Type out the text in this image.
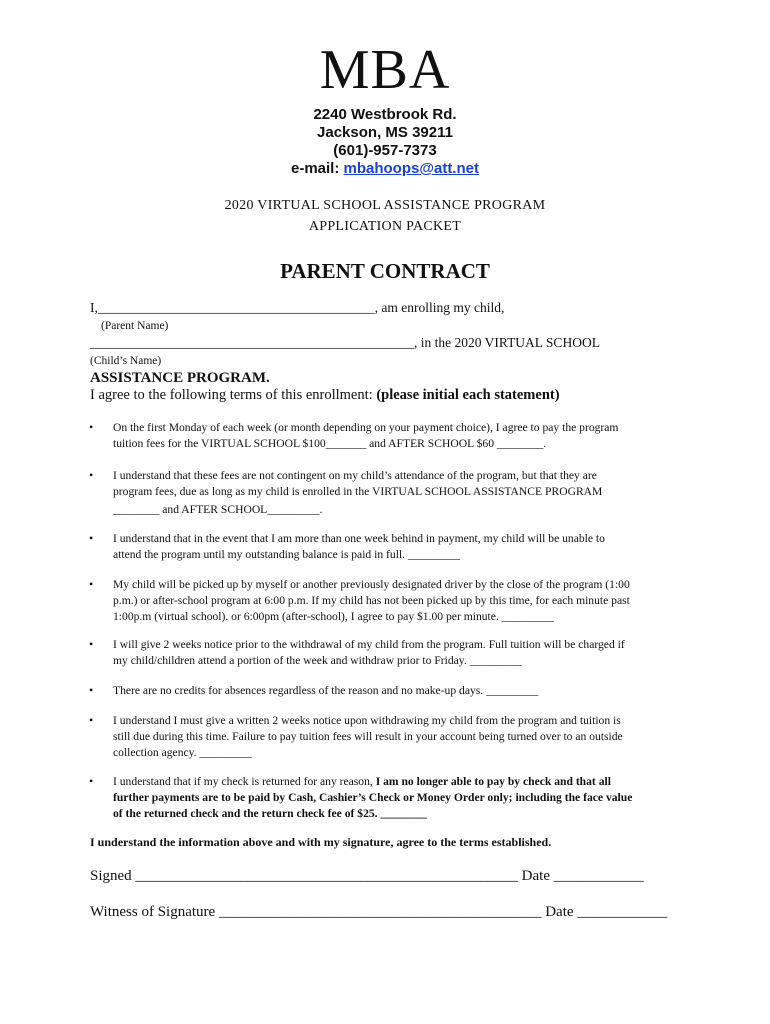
MBA
2240 Westbrook Rd.
Jackson, MS 39211
(601)-957-7373
e-mail: mbahoops@att.net
2020 VIRTUAL SCHOOL ASSISTANCE PROGRAM
APPLICATION PACKET
PARENT CONTRACT
I,_________________________________________, am enrolling my child,
(Parent Name)
________________________________________________, in the 2020 VIRTUAL SCHOOL
(Child’s Name)
ASSISTANCE PROGRAM.
I agree to the following terms of this enrollment: (please initial each statement)
• On the first Monday of each week (or month depending on your payment choice), I agree to pay the program
tuition fees for the VIRTUAL SCHOOL $100_______ and AFTER SCHOOL $60 ________.
• I understand that these fees are not contingent on my child’s attendance of the program, but that they are
program fees, due as long as my child is enrolled in the VIRTUAL SCHOOL ASSISTANCE PROGRAM
________ and AFTER SCHOOL_________.
• I understand that in the event that I am more than one week behind in payment, my child will be unable to
attend the program until my outstanding balance is paid in full. _________
• My child will be picked up by myself or another previously designated driver by the close of the program (1:00
p.m.) or after-school program at 6:00 p.m. If my child has not been picked up by this time, for each minute past
1:00p.m (virtual school). or 6:00pm (after-school), I agree to pay $1.00 per minute. _________
• I will give 2 weeks notice prior to the withdrawal of my child from the program. Full tuition will be charged if
my child/children attend a portion of the week and withdraw prior to Friday. _________
• There are no credits for absences regardless of the reason and no make-up days. _________
• I understand I must give a written 2 weeks notice upon withdrawing my child from the program and tuition is
still due during this time. Failure to pay tuition fees will result in your account being turned over to an outside
collection agency. _________
• I understand that if my check is returned for any reason, I am no longer able to pay by check and that all
further payments are to be paid by Cash, Cashier’s Check or Money Order only; including the face value
of the returned check and the return check fee of $25. ________
I understand the information above and with my signature, agree to the terms established.
Signed ___________________________________________________ Date ____________
Witness of Signature ___________________________________________ Date ____________
